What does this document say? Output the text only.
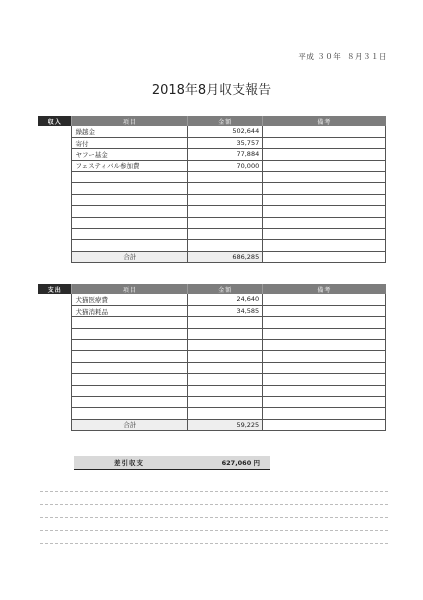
平成 ３０年  ８月３１日
2018年8月収支報告
収入	項目	金額	備考
	繰越金	502,644	
	寄付	35,757	
	ヤフー基金	77,884	
	フェスティバル参加費	70,000	

	合計	686,285	
支出	項目	金額	備考
	犬猫医療費	24,640	
	犬猫消耗品	34,585	

	合計	59,225	
差引収支	627,060 円
